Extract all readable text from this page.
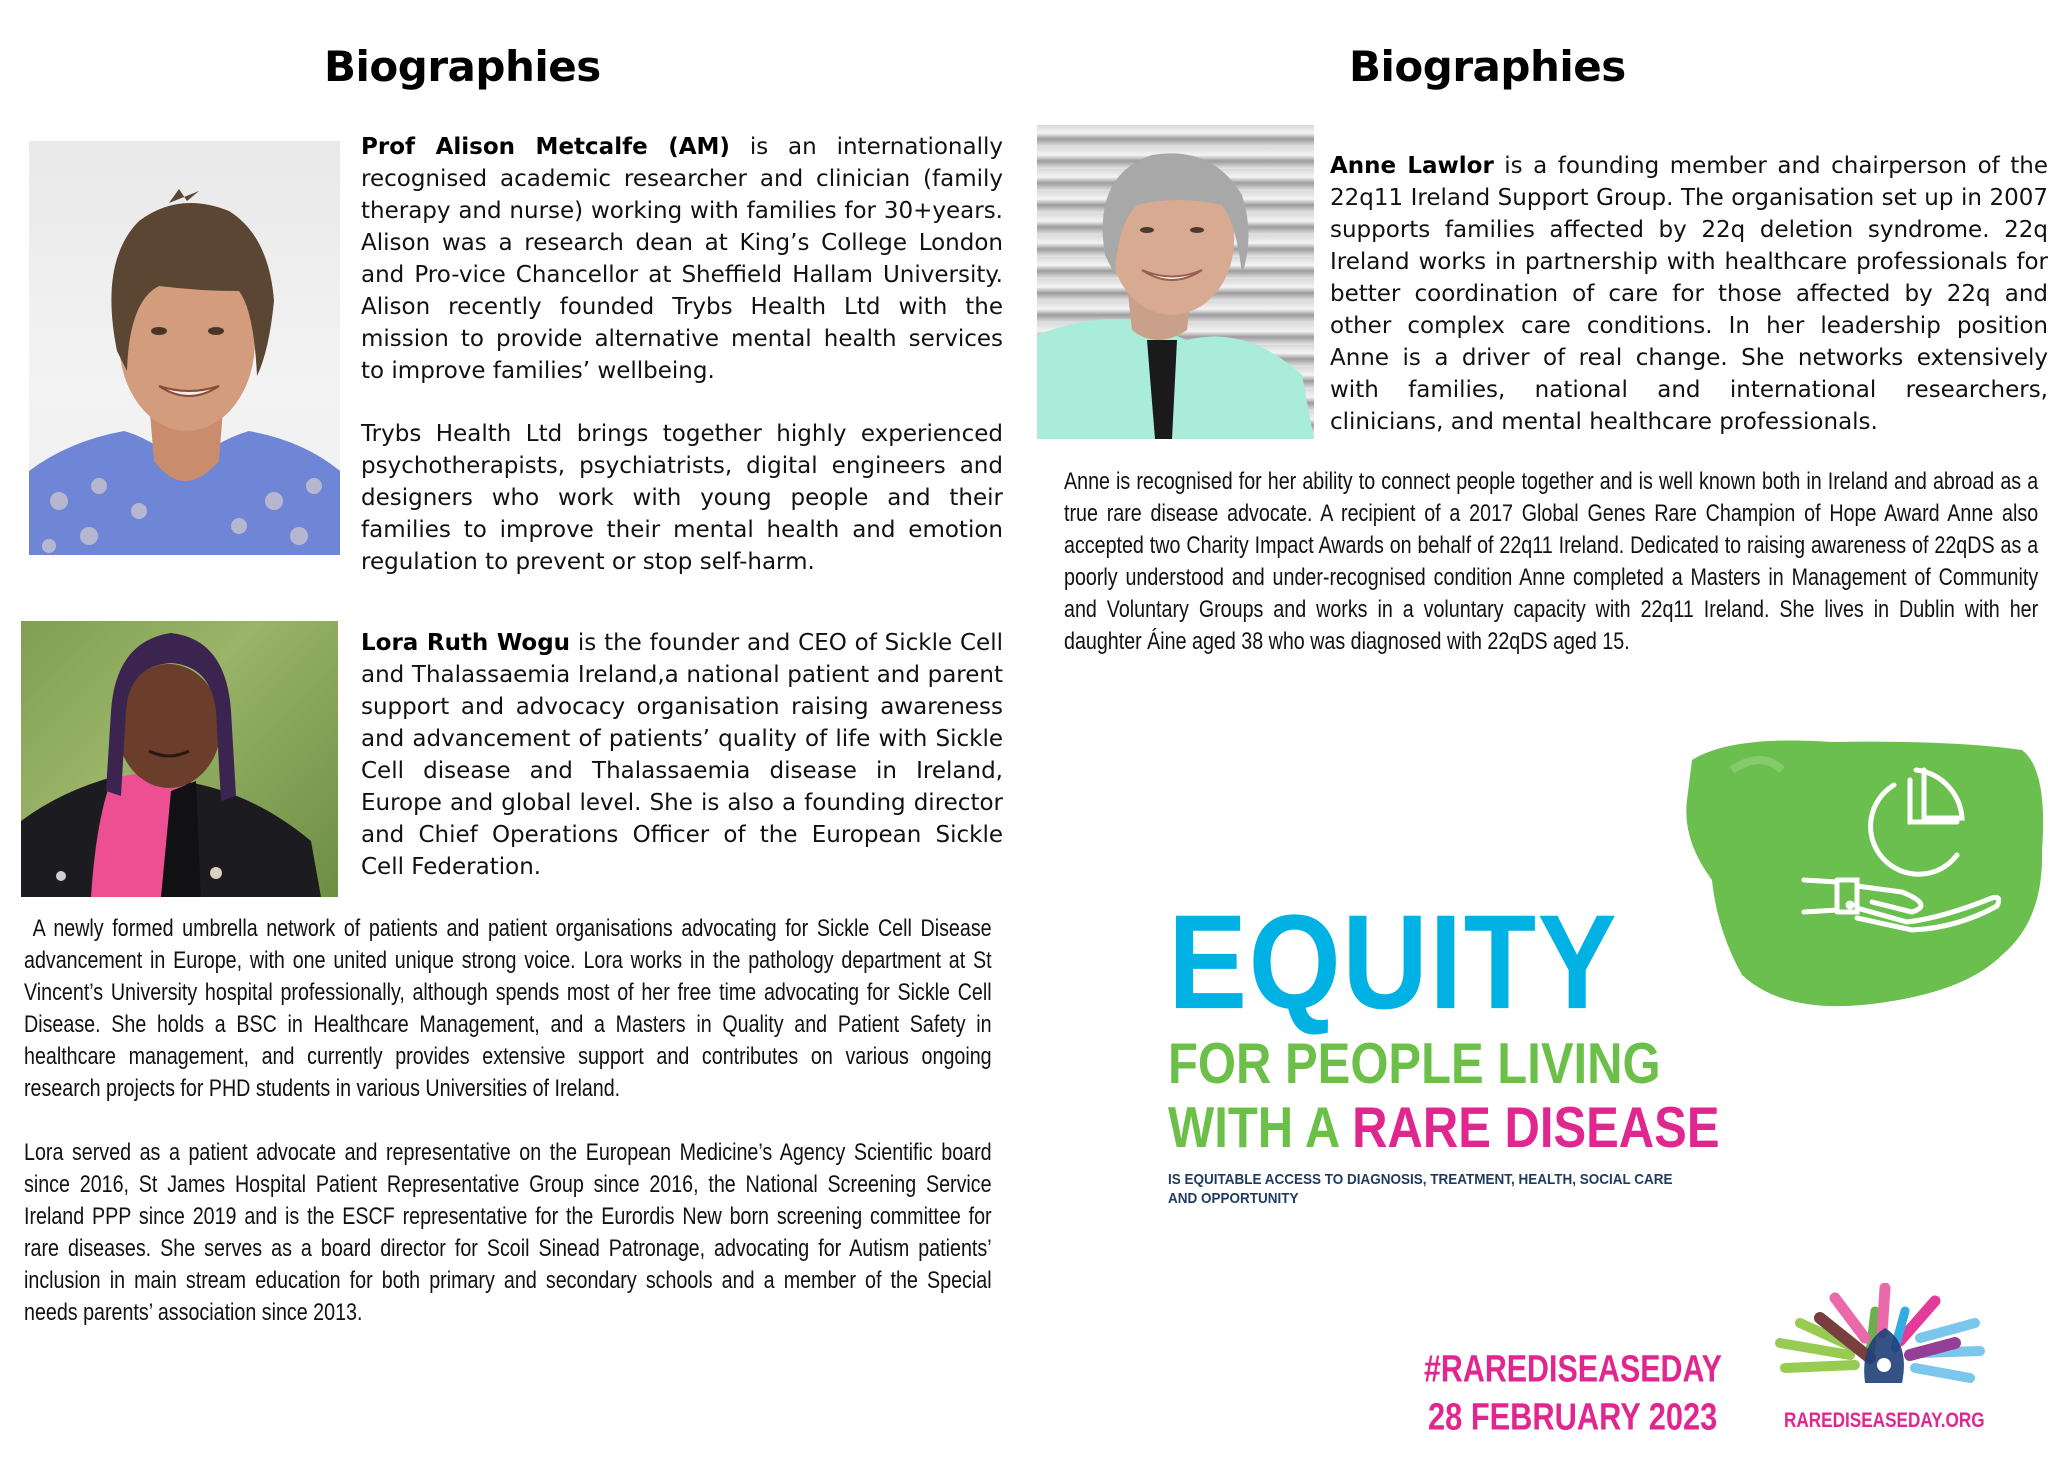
Biographies

Prof Alison Metcalfe (AM) is an internationally recognised academic researcher and clinician (family therapy and nurse) working with families for 30+years. Alison was a research dean at King’s College London and Pro-vice Chancellor at Sheffield Hallam University. Alison recently founded Trybs Health Ltd with the mission to provide alternative mental health services to improve families’ wellbeing.

Trybs Health Ltd brings together highly experienced psychotherapists, psychiatrists, digital engineers and designers who work with young people and their families to improve their mental health and emotion regulation to prevent or stop self-harm.

Lora Ruth Wogu is the founder and CEO of Sickle Cell and Thalassaemia Ireland,a national patient and parent support and advocacy organisation raising awareness and advancement of patients’ quality of life with Sickle Cell disease and Thalassaemia disease in Ireland, Europe and global level. She is also a founding director and Chief Operations Officer of the European Sickle Cell Federation.

A newly formed umbrella network of patients and patient organisations advocating for Sickle Cell Disease advancement in Europe, with one united unique strong voice. Lora works in the pathology department at St Vincent’s University hospital professionally, although spends most of her free time advocating for Sickle Cell Disease. She holds a BSC in Healthcare Management, and a Masters in Quality and Patient Safety in healthcare management, and currently provides extensive support and contributes on various ongoing research projects for PHD students in various Universities of Ireland.

Lora served as a patient advocate and representative on the European Medicine’s Agency Scientific board since 2016, St James Hospital Patient Representative Group since 2016, the National Screening Service Ireland PPP since 2019 and is the ESCF representative for the Eurordis New born screening committee for rare diseases. She serves as a board director for Scoil Sinead Patronage, advocating for Autism patients’ inclusion in main stream education for both primary and secondary schools and a member of the Special needs parents’ association since 2013.

Biographies

Anne Lawlor is a founding member and chairperson of the 22q11 Ireland Support Group. The organisation set up in 2007 supports families affected by 22q deletion syndrome. 22q Ireland works in partnership with healthcare professionals for better coordination of care for those affected by 22q and other complex care conditions. In her leadership position Anne is a driver of real change. She networks extensively with families, national and international researchers, clinicians, and mental healthcare professionals.

Anne is recognised for her ability to connect people together and is well known both in Ireland and abroad as a true rare disease advocate. A recipient of a 2017 Global Genes Rare Champion of Hope Award Anne also accepted two Charity Impact Awards on behalf of 22q11 Ireland. Dedicated to raising awareness of 22qDS as a poorly understood and under-recognised condition Anne completed a Masters in Management of Community and Voluntary Groups and works in a voluntary capacity with 22q11 Ireland. She lives in Dublin with her daughter Áine aged 38 who was diagnosed with 22qDS aged 15.

EQUITY
FOR PEOPLE LIVING
WITH A RARE DISEASE
IS EQUITABLE ACCESS TO DIAGNOSIS, TREATMENT, HEALTH, SOCIAL CARE
AND OPPORTUNITY
#RAREDISEASEDAY
28 FEBRUARY 2023	RAREDISEASEDAY.ORG
